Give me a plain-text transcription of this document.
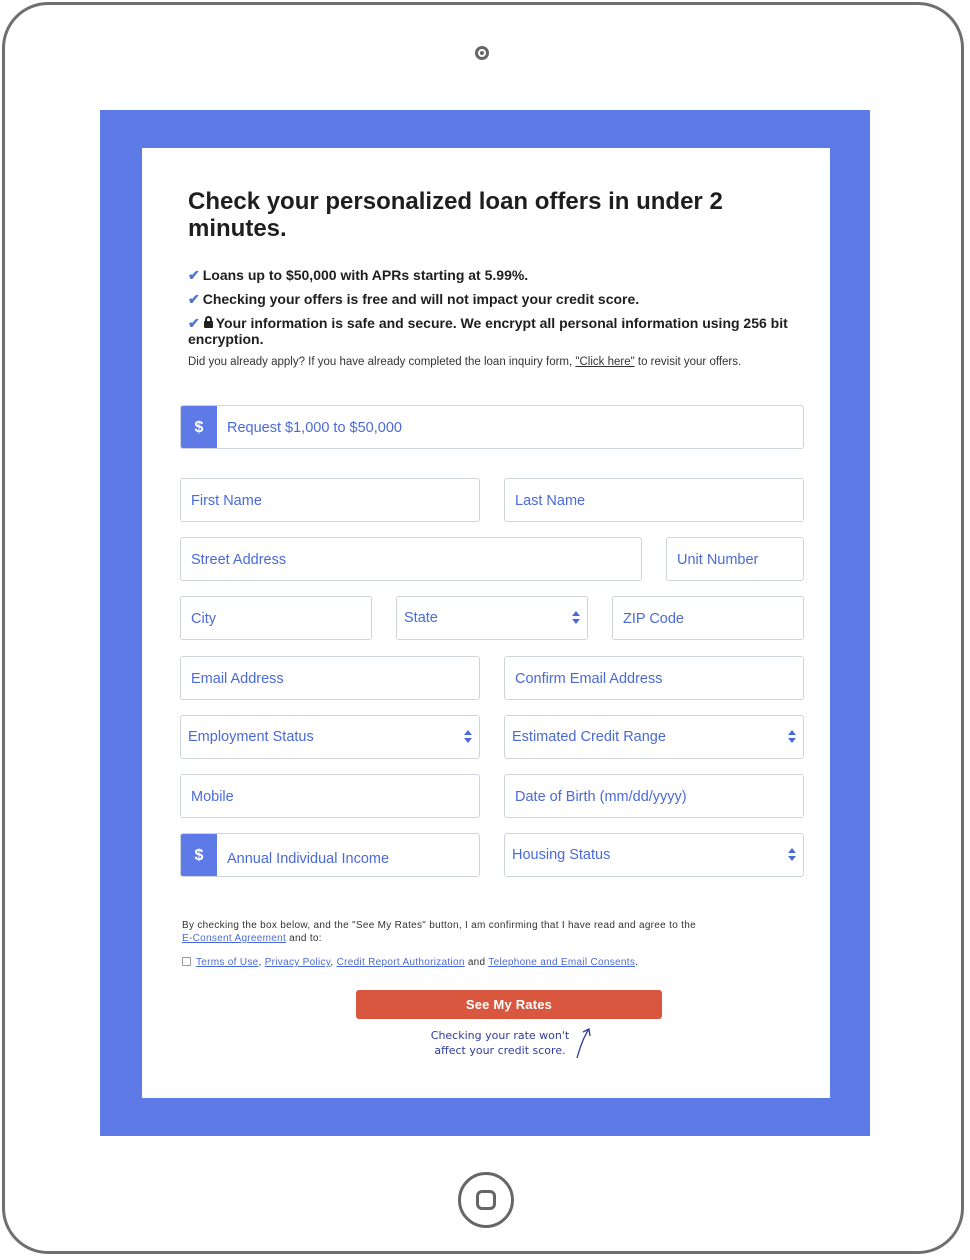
Check your personalized loan offers in under 2 minutes.
✔ Loans up to $50,000 with APRs starting at 5.99%.
✔ Checking your offers is free and will not impact your credit score.
✔ Your information is safe and secure. We encrypt all personal information using 256 bit encryption.
Did you already apply? If you have already completed the loan inquiry form, "Click here" to revisit your offers.
$	Request $1,000 to $50,000
First Name	Last Name
Street Address	Unit Number
City	State	ZIP Code
Email Address	Confirm Email Address
Employment Status	Estimated Credit Range
Mobile	Date of Birth (mm/dd/yyyy)
$	Annual Individual Income	Housing Status
By checking the box below, and the "See My Rates" button, I am confirming that I have read and agree to the
E-Consent Agreement and to:
Terms of Use, Privacy Policy, Credit Report Authorization and Telephone and Email Consents.
See My Rates
Checking your rate won't affect your credit score.
